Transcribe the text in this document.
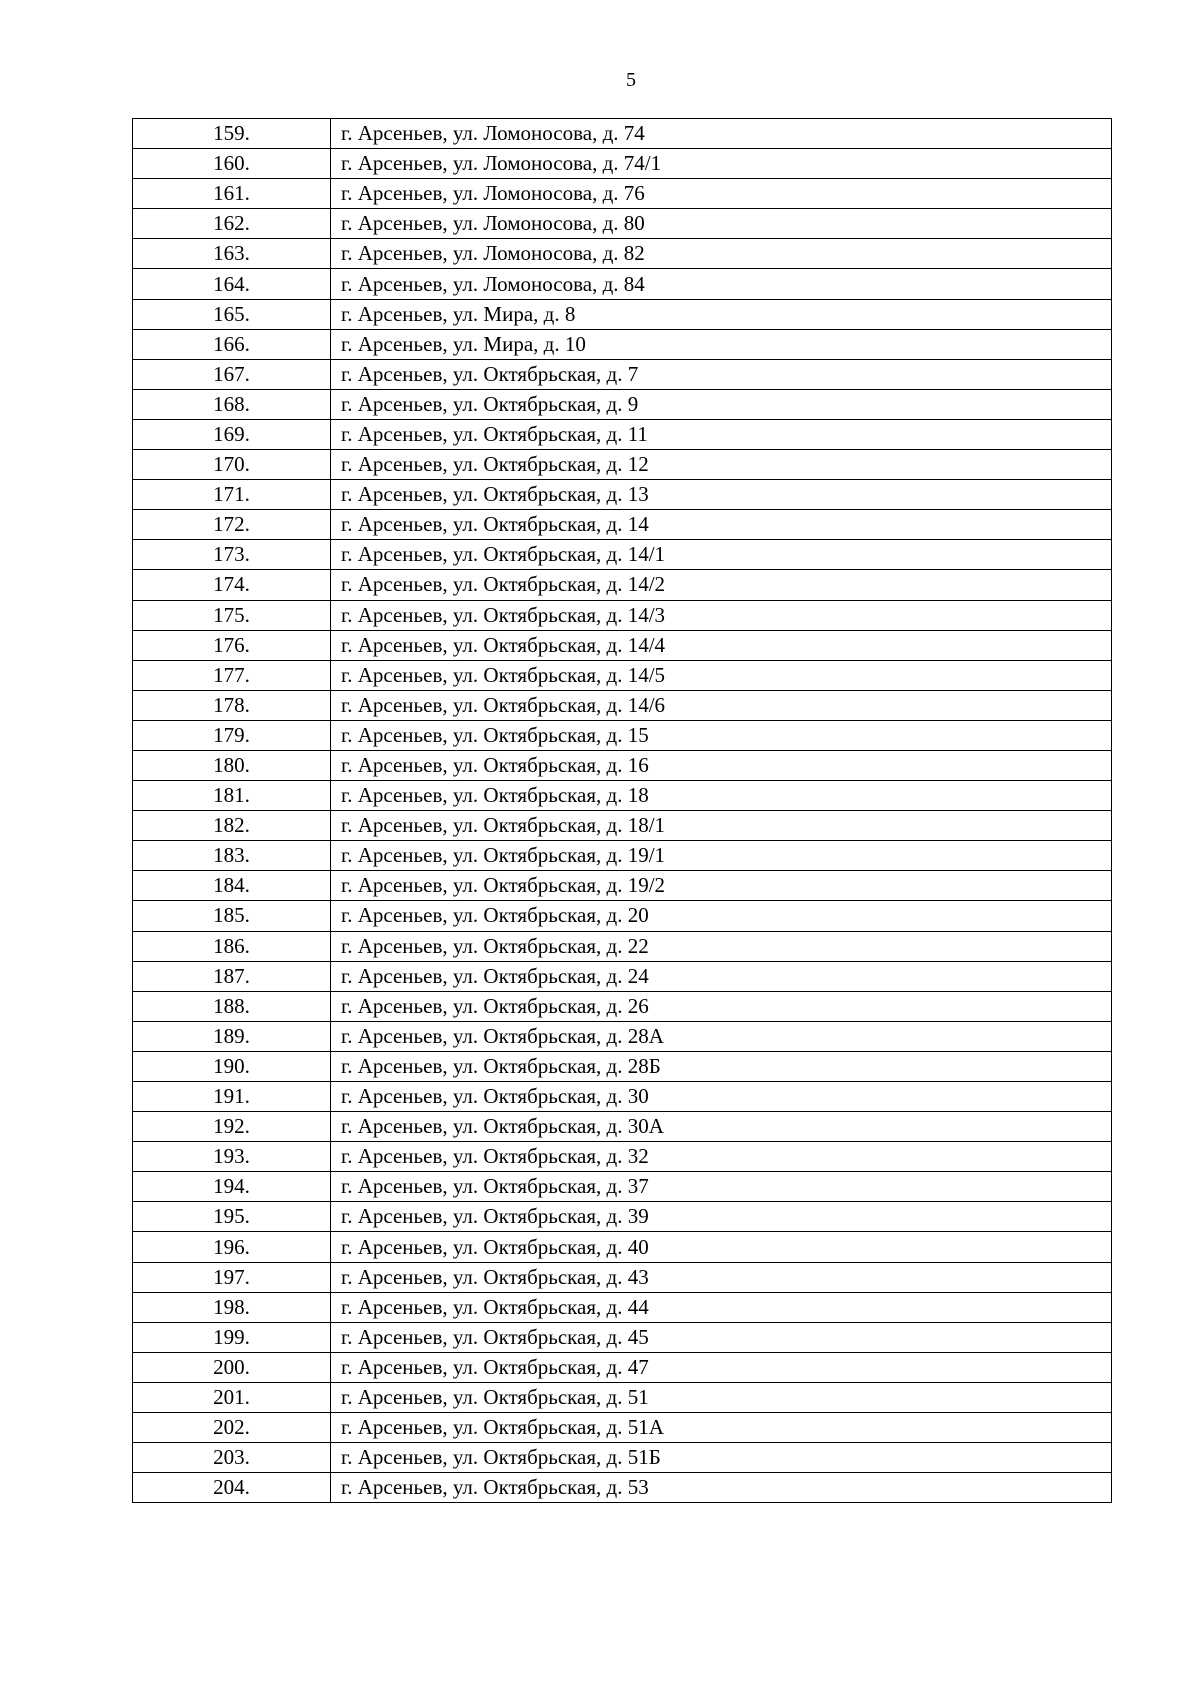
5
159.	г. Арсеньев, ул. Ломоносова, д. 74
160.	г. Арсеньев, ул. Ломоносова, д. 74/1
161.	г. Арсеньев, ул. Ломоносова, д. 76
162.	г. Арсеньев, ул. Ломоносова, д. 80
163.	г. Арсеньев, ул. Ломоносова, д. 82
164.	г. Арсеньев, ул. Ломоносова, д. 84
165.	г. Арсеньев, ул. Мира, д. 8
166.	г. Арсеньев, ул. Мира, д. 10
167.	г. Арсеньев, ул. Октябрьская, д. 7
168.	г. Арсеньев, ул. Октябрьская, д. 9
169.	г. Арсеньев, ул. Октябрьская, д. 11
170.	г. Арсеньев, ул. Октябрьская, д. 12
171.	г. Арсеньев, ул. Октябрьская, д. 13
172.	г. Арсеньев, ул. Октябрьская, д. 14
173.	г. Арсеньев, ул. Октябрьская, д. 14/1
174.	г. Арсеньев, ул. Октябрьская, д. 14/2
175.	г. Арсеньев, ул. Октябрьская, д. 14/3
176.	г. Арсеньев, ул. Октябрьская, д. 14/4
177.	г. Арсеньев, ул. Октябрьская, д. 14/5
178.	г. Арсеньев, ул. Октябрьская, д. 14/6
179.	г. Арсеньев, ул. Октябрьская, д. 15
180.	г. Арсеньев, ул. Октябрьская, д. 16
181.	г. Арсеньев, ул. Октябрьская, д. 18
182.	г. Арсеньев, ул. Октябрьская, д. 18/1
183.	г. Арсеньев, ул. Октябрьская, д. 19/1
184.	г. Арсеньев, ул. Октябрьская, д. 19/2
185.	г. Арсеньев, ул. Октябрьская, д. 20
186.	г. Арсеньев, ул. Октябрьская, д. 22
187.	г. Арсеньев, ул. Октябрьская, д. 24
188.	г. Арсеньев, ул. Октябрьская, д. 26
189.	г. Арсеньев, ул. Октябрьская, д. 28А
190.	г. Арсеньев, ул. Октябрьская, д. 28Б
191.	г. Арсеньев, ул. Октябрьская, д. 30
192.	г. Арсеньев, ул. Октябрьская, д. 30А
193.	г. Арсеньев, ул. Октябрьская, д. 32
194.	г. Арсеньев, ул. Октябрьская, д. 37
195.	г. Арсеньев, ул. Октябрьская, д. 39
196.	г. Арсеньев, ул. Октябрьская, д. 40
197.	г. Арсеньев, ул. Октябрьская, д. 43
198.	г. Арсеньев, ул. Октябрьская, д. 44
199.	г. Арсеньев, ул. Октябрьская, д. 45
200.	г. Арсеньев, ул. Октябрьская, д. 47
201.	г. Арсеньев, ул. Октябрьская, д. 51
202.	г. Арсеньев, ул. Октябрьская, д. 51А
203.	г. Арсеньев, ул. Октябрьская, д. 51Б
204.	г. Арсеньев, ул. Октябрьская, д. 53
